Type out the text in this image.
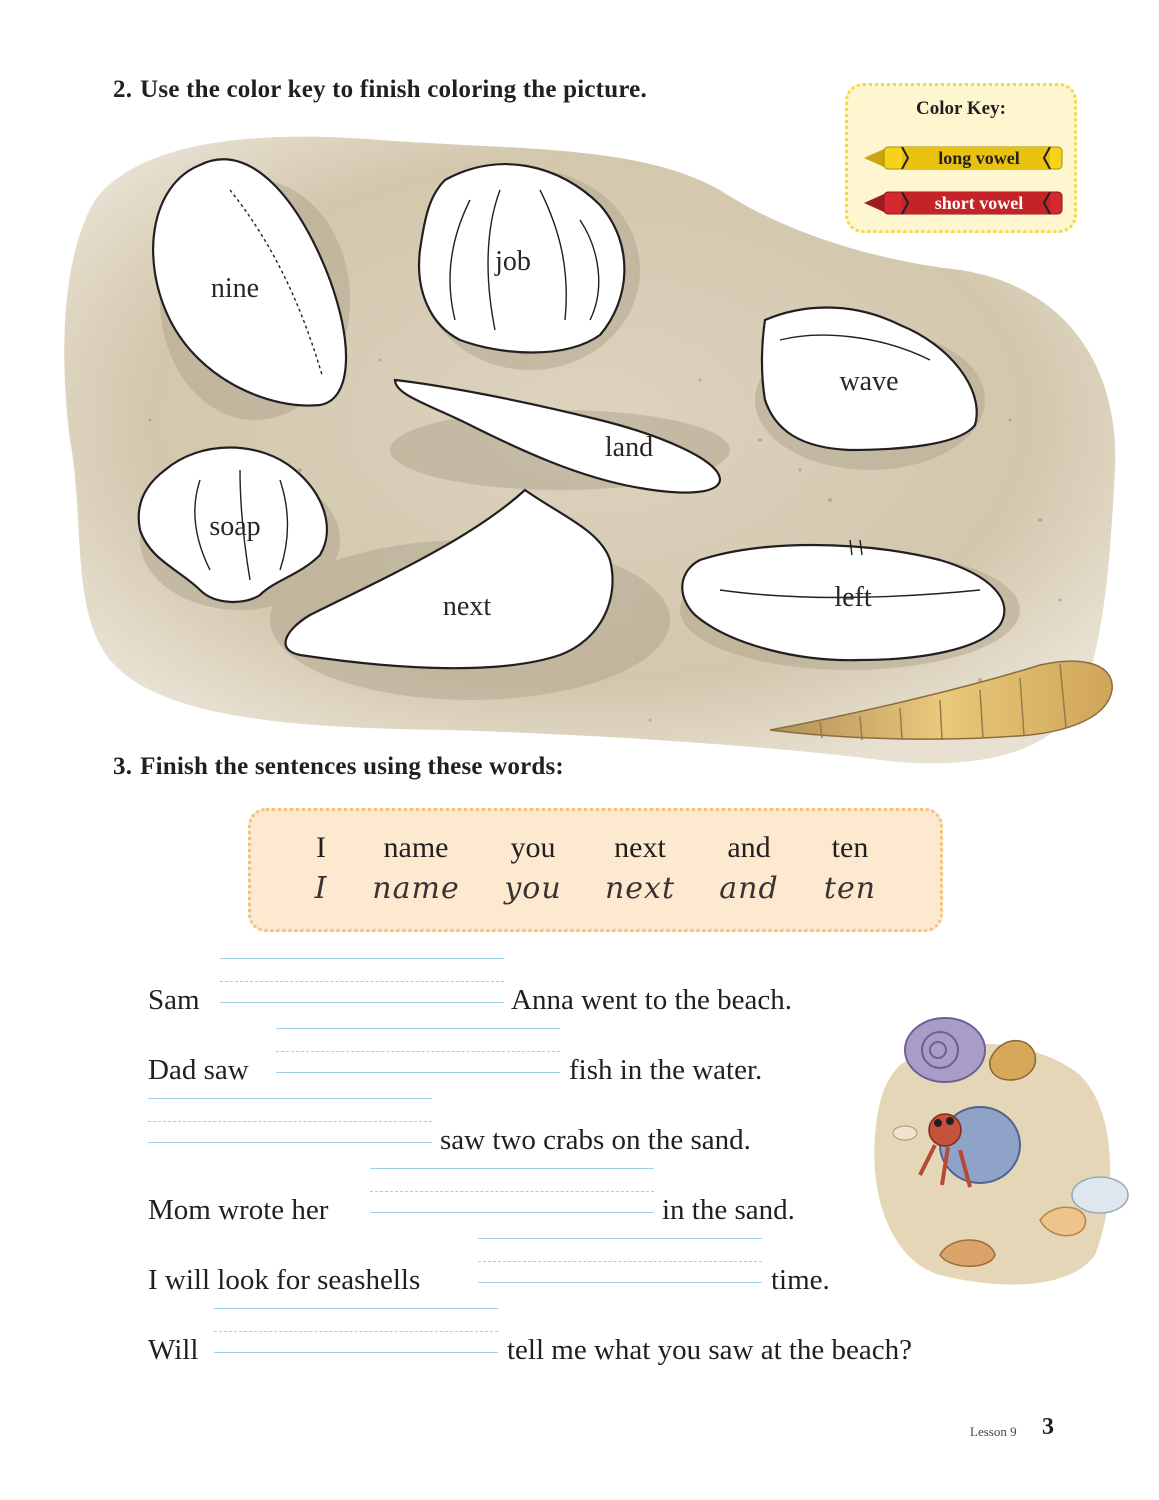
2. Use the color key to finish coloring the picture.
nine
job
wave
land
soap
next	left
Color Key:
long vowel
short vowel
3. Finish the sentences using these words:
I name you next and ten
I name you next and ten
Sam	Anna went to the beach.
Dad saw	fish in the water.
saw two crabs on the sand.
Mom wrote her	in the sand.
I will look for seashells	time.
Will	tell me what you saw at the beach?
Lesson 9 3
